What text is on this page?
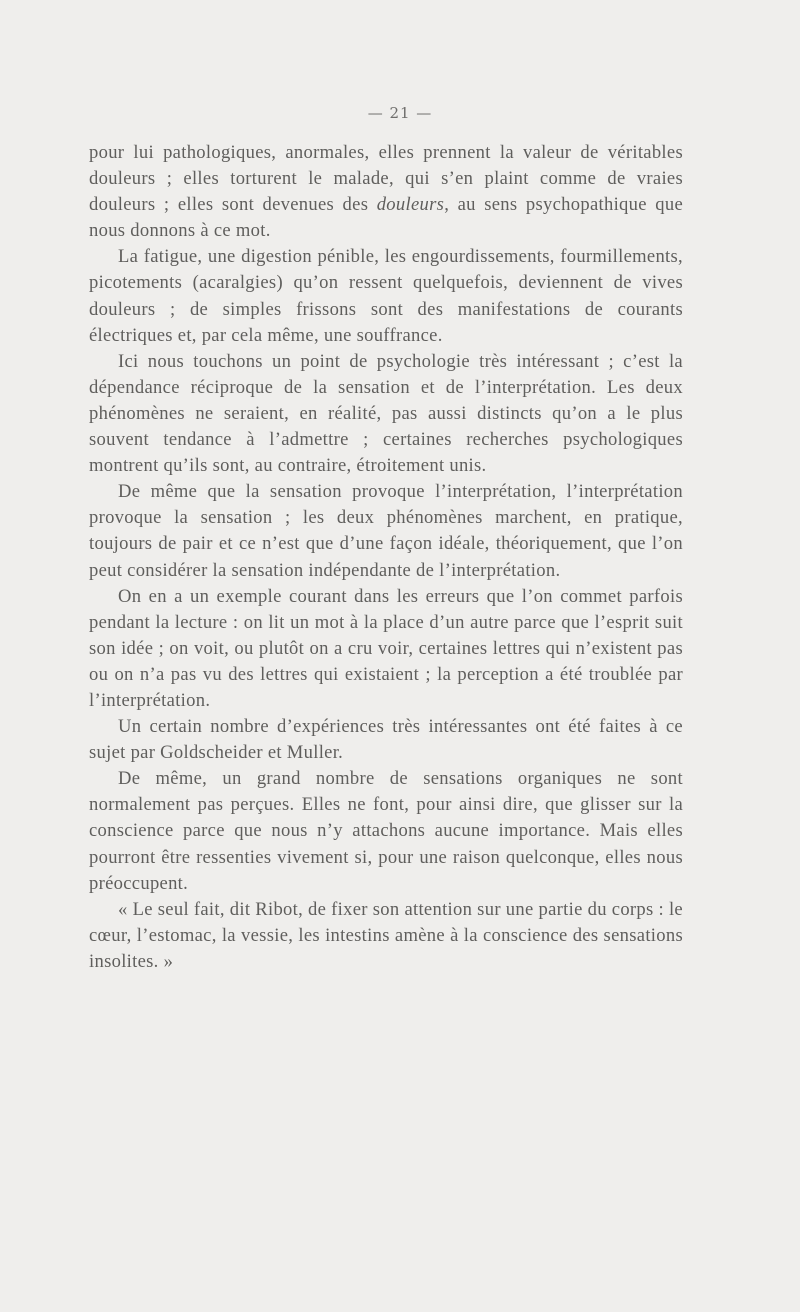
— 21 —

pour lui pathologiques, anormales, elles prennent la valeur de véritables douleurs ; elles torturent le malade, qui s’en plaint comme de vraies douleurs ; elles sont devenues des douleurs, au sens psychopathique que nous donnons à ce mot.

La fatigue, une digestion pénible, les engourdissements, fourmillements, picotements (acaralgies) qu’on ressent quelquefois, deviennent de vives douleurs ; de simples frissons sont des manifestations de courants électriques et, par cela même, une souffrance.

Ici nous touchons un point de psychologie très intéressant ; c’est la dépendance réciproque de la sensation et de l’interprétation. Les deux phénomènes ne seraient, en réalité, pas aussi distincts qu’on a le plus souvent tendance à l’admettre ; certaines recherches psychologiques montrent qu’ils sont, au contraire, étroitement unis.

De même que la sensation provoque l’interprétation, l’interprétation provoque la sensation ; les deux phénomènes marchent, en pratique, toujours de pair et ce n’est que d’une façon idéale, théoriquement, que l’on peut considérer la sensation indépendante de l’interprétation.

On en a un exemple courant dans les erreurs que l’on commet parfois pendant la lecture : on lit un mot à la place d’un autre parce que l’esprit suit son idée ; on voit, ou plutôt on a cru voir, certaines lettres qui n’existent pas ou on n’a pas vu des lettres qui existaient ; la perception a été troublée par l’interprétation.

Un certain nombre d’expériences très intéressantes ont été faites à ce sujet par Goldscheider et Muller.

De même, un grand nombre de sensations organiques ne sont normalement pas perçues. Elles ne font, pour ainsi dire, que glisser sur la conscience parce que nous n’y attachons aucune importance. Mais elles pourront être ressenties vivement si, pour une raison quelconque, elles nous préoccupent.

« Le seul fait, dit Ribot, de fixer son attention sur une partie du corps : le cœur, l’estomac, la vessie, les intestins amène à la conscience des sensations insolites. »
